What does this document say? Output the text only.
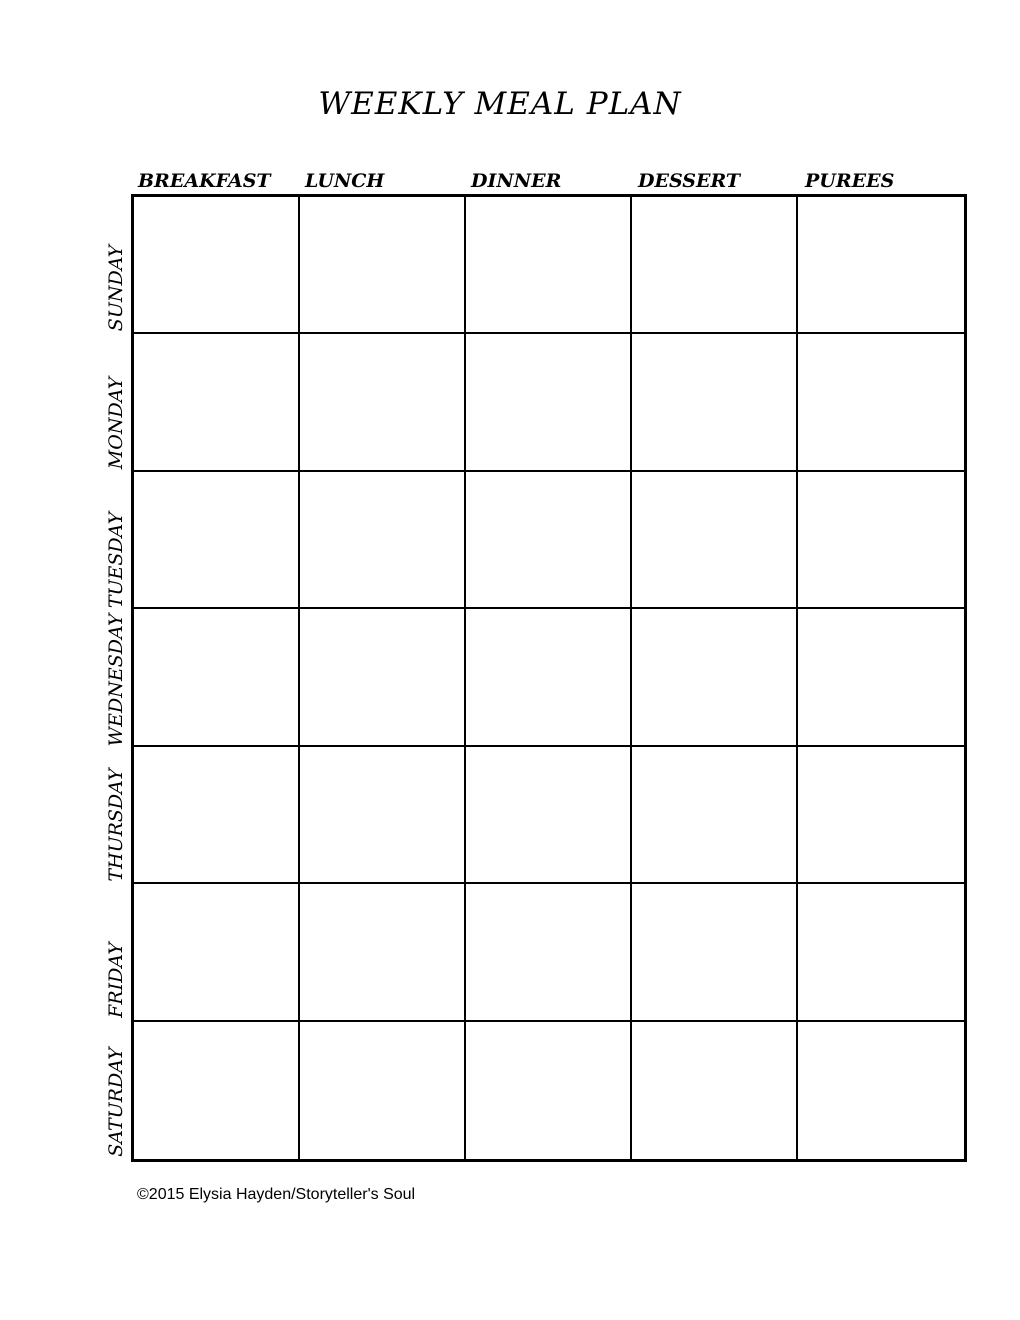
WEEKLY MEAL PLAN
BREAKFAST LUNCH	DINNER	DESSERT	PUREES
SUNDAY
MONDAY
TUESDAY
WEDNESDAY
THURSDAY
FRIDAY
SATURDAY
©2015 Elysia Hayden/Storyteller's Soul
